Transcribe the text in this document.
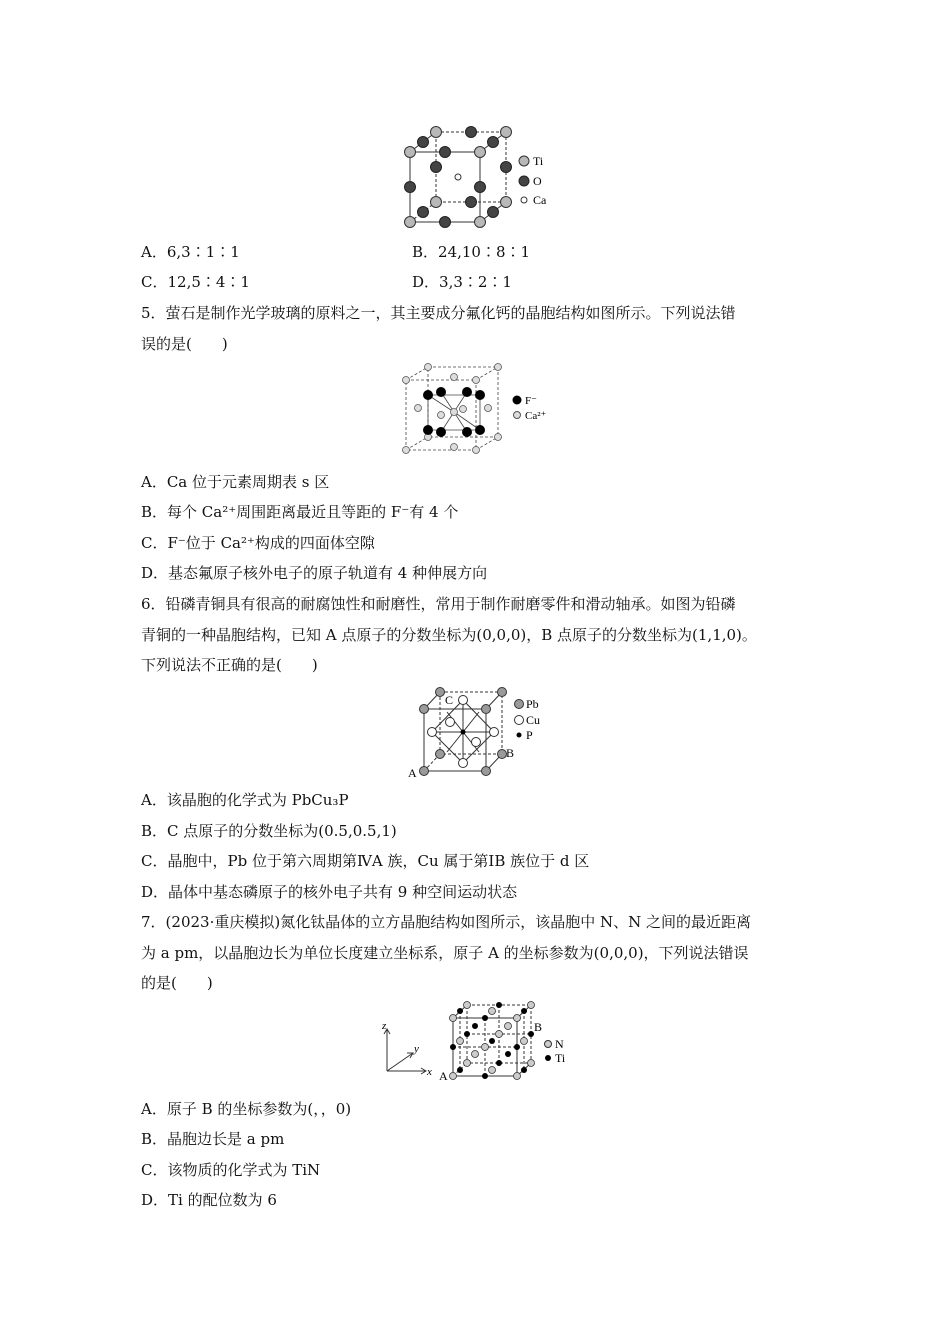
Ti
O
Ca
A．6,3∶1∶1	B．24,10∶8∶1
C．12,5∶4∶1	D．3,3∶2∶1
5．萤石是制作光学玻璃的原料之一，其主要成分氟化钙的晶胞结构如图所示。下列说法错
误的是(　　)
F⁻
Ca²⁺
A．Ca 位于元素周期表 s 区
B．每个 Ca²⁺周围距离最近且等距的 F⁻有 4 个
C．F⁻位于 Ca²⁺构成的四面体空隙
D．基态氟原子核外电子的原子轨道有 4 种伸展方向
6．铅磷青铜具有很高的耐腐蚀性和耐磨性，常用于制作耐磨零件和滑动轴承。如图为铅磷
青铜的一种晶胞结构，已知 A 点原子的分数坐标为(0,0,0)，B 点原子的分数坐标为(1,1,0)。
下列说法不正确的是(　　)
C
A
B
Pb
Cu
P
A．该晶胞的化学式为 PbCu₃P
B．C 点原子的分数坐标为(0.5,0.5,1)
C．晶胞中，Pb 位于第六周期第ⅣA 族，Cu 属于第ⅠB 族位于 d 区
D．晶体中基态磷原子的核外电子共有 9 种空间运动状态
7．(2023·重庆模拟)氮化钛晶体的立方晶胞结构如图所示，该晶胞中 N、N 之间的最近距离
为 a pm，以晶胞边长为单位长度建立坐标系，原子 A 的坐标参数为(0,0,0)，下列说法错误
的是(　　)
z
y
x A
B
N
Ti
A．原子 B 的坐标参数为(，，0)
B．晶胞边长是 a pm
C．该物质的化学式为 TiN
D．Ti 的配位数为 6
